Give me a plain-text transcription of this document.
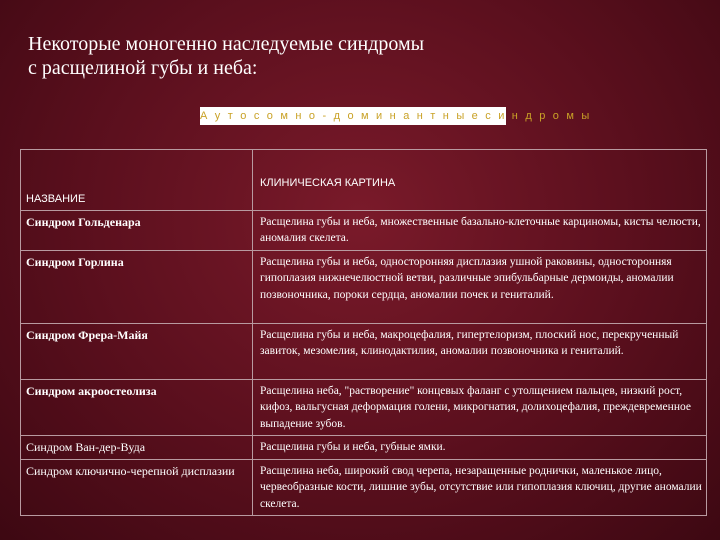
Некоторые моногенно наследуемые синдромы
с расщелиной губы и неба:
А у т о с о м н о - д о м и н а н т н ы е с и н д р о м ы
НАЗВАНИЕ	КЛИНИЧЕСКАЯ КАРТИНА

Синдром Гольденара	Расщелина губы и неба, множественные базально-клеточные карциномы, кисты челюсти, аномалия скелета.
Синдром Горлина	Расщелина губы и неба, односторонняя дисплазия ушной раковины, односторонняя гипоплазия нижнечелюстной ветви, различные эпибульбарные дермоиды, аномалии позвоночника, пороки сердца, аномалии почек и гениталий.
Синдром Фрера-Майя	Расщелина губы и неба, макроцефалия, гипертелоризм, плоский нос, перекрученный завиток, мезомелия, клинодактилия, аномалии позвоночника и гениталий.
Синдром акроостеолиза	Расщелина неба, "растворение" концевых фаланг с утолщением пальцев, низкий рост, кифоз, вальгусная деформация голени, микрогнатия, долихоцефалия, преждевременное выпадение зубов.
Синдром Ван-дер-Вуда	Расщелина губы и неба, губные ямки.
Синдром ключично-черепной дисплазии	Расщелина неба, широкий свод черепа, незаращенные роднички, маленькое лицо, червеобразные кости, лишние зубы, отсутствие или гипоплазия ключиц, другие аномалии скелета.
